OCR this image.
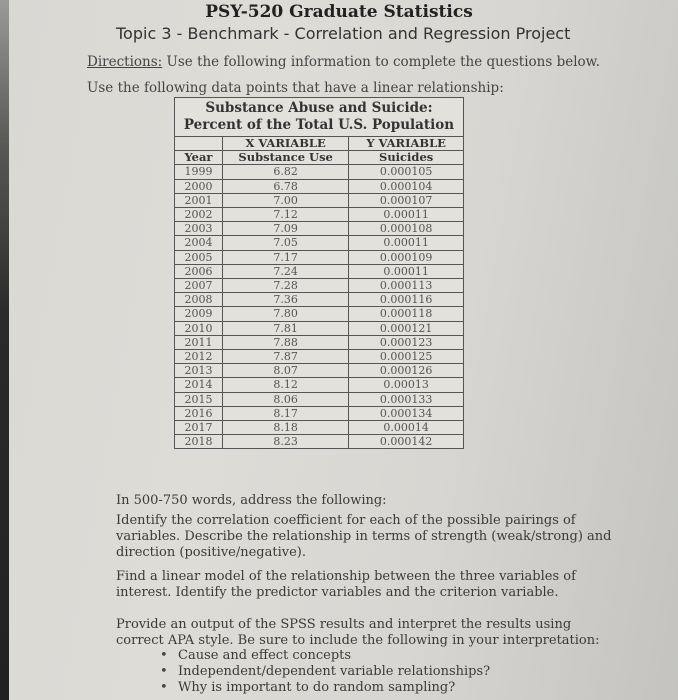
PSY-520 Graduate Statistics
Topic 3 - Benchmark - Correlation and Regression Project
Directions: Use the following information to complete the questions below.
Use the following data points that have a linear relationship:
Substance Abuse and Suicide: Percent of the Total U.S. Population		
	X VARIABLE	Y VARIABLE
Year	Substance Use	Suicides
1999	6.82	0.000105
2000	6.78	0.000104
2001	7.00	0.000107
2002	7.12	0.00011
2003	7.09	0.000108
2004	7.05	0.00011
2005	7.17	0.000109
2006	7.24	0.00011
2007	7.28	0.000113
2008	7.36	0.000116
2009	7.80	0.000118
2010	7.81	0.000121
2011	7.88	0.000123
2012	7.87	0.000125
2013	8.07	0.000126
2014	8.12	0.00013
2015	8.06	0.000133
2016	8.17	0.000134
2017	8.18	0.00014
2018	8.23	0.000142
In 500-750 words, address the following:
Identify the correlation coefficient for each of the possible pairings of variables. Describe the relationship in terms of strength (weak/strong) and direction (positive/negative).
Find a linear model of the relationship between the three variables of interest. Identify the predictor variables and the criterion variable.
Provide an output of the SPSS results and interpret the results using correct APA style. Be sure to include the following in your interpretation:
• Cause and effect concepts
• Independent/dependent variable relationships?
• Why is important to do random sampling?
